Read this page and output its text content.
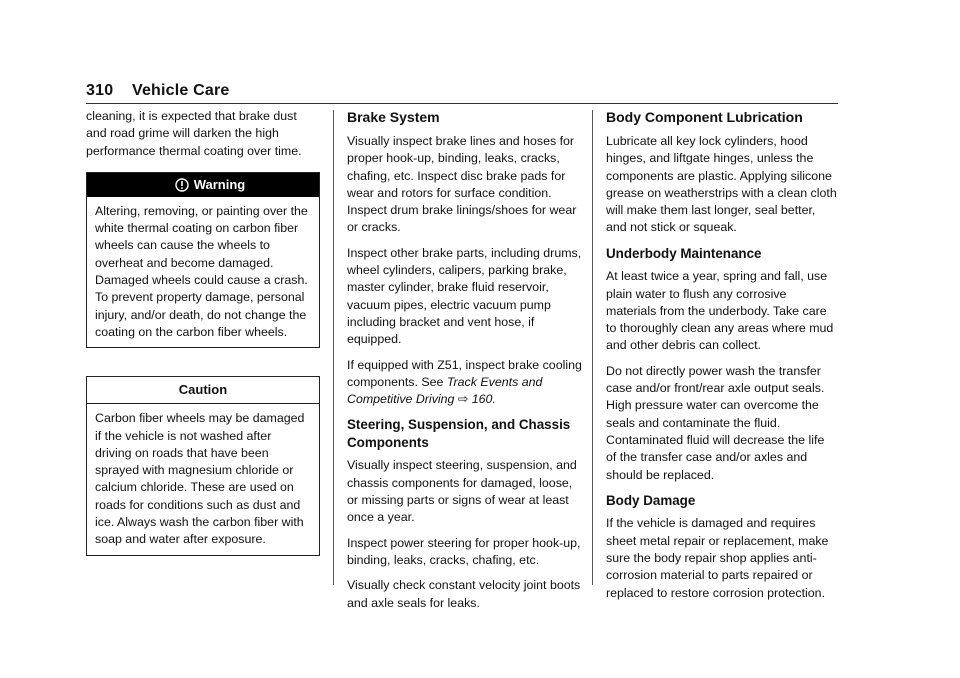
310 Vehicle Care

cleaning, it is expected that brake dust and road grime will darken the high performance thermal coating over time.

Warning
Altering, removing, or painting over the white thermal coating on carbon fiber wheels can cause the wheels to overheat and become damaged. Damaged wheels could cause a crash. To prevent property damage, personal injury, and/or death, do not change the coating on the carbon fiber wheels.
Caution
Carbon fiber wheels may be damaged if the vehicle is not washed after driving on roads that have been sprayed with magnesium chloride or calcium chloride. These are used on roads for conditions such as dust and ice. Always wash the carbon fiber with soap and water after exposure.
Brake System

Visually inspect brake lines and hoses for proper hook-up, binding, leaks, cracks, chafing, etc. Inspect disc brake pads for wear and rotors for surface condition. Inspect drum brake linings/shoes for wear or cracks.

Inspect other brake parts, including drums, wheel cylinders, calipers, parking brake, master cylinder, brake fluid reservoir, vacuum pipes, electric vacuum pump including bracket and vent hose, if equipped.

If equipped with Z51, inspect brake cooling components. See Track Events and Competitive Driving ⇨ 160.

Steering, Suspension, and Chassis Components

Visually inspect steering, suspension, and chassis components for damaged, loose, or missing parts or signs of wear at least once a year.

Inspect power steering for proper hook-up, binding, leaks, cracks, chafing, etc.

Visually check constant velocity joint boots and axle seals for leaks.

Body Component Lubrication

Lubricate all key lock cylinders, hood hinges, and liftgate hinges, unless the components are plastic. Applying silicone grease on weatherstrips with a clean cloth will make them last longer, seal better, and not stick or squeak.

Underbody Maintenance

At least twice a year, spring and fall, use plain water to flush any corrosive materials from the underbody. Take care to thoroughly clean any areas where mud and other debris can collect.

Do not directly power wash the transfer case and/or front/rear axle output seals. High pressure water can overcome the seals and contaminate the fluid. Contaminated fluid will decrease the life of the transfer case and/or axles and should be replaced.

Body Damage

If the vehicle is damaged and requires sheet metal repair or replacement, make sure the body repair shop applies anti-corrosion material to parts repaired or replaced to restore corrosion protection.
